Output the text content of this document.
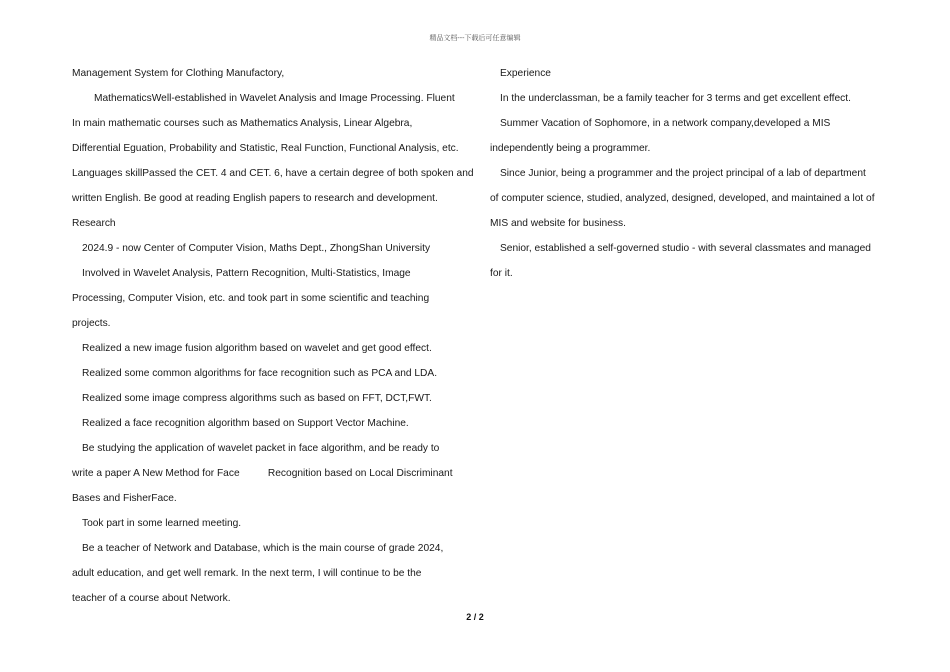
精品文档---下载后可任意编辑
Management System for Clothing Manufactory,
MathematicsWell-established in Wavelet Analysis and Image Processing. Fluent
In main mathematic courses such as Mathematics Analysis, Linear Algebra,
Differential Eguation, Probability and Statistic, Real Function, Functional Analysis, etc.
Languages skillPassed the CET. 4 and CET. 6, have a certain degree of both spoken and
written English. Be good at reading English papers to research and development.
Research
2024.9 - now Center of Computer Vision, Maths Dept., ZhongShan University
Involved in Wavelet Analysis, Pattern Recognition, Multi-Statistics, Image
Processing, Computer Vision, etc. and took part in some scientific and teaching
projects.
Realized a new image fusion algorithm based on wavelet and get good effect.
Realized some common algorithms for face recognition such as PCA and LDA.
Realized some image compress algorithms such as based on FFT, DCT,FWT.
Realized a face recognition algorithm based on Support Vector Machine.
Be studying the application of wavelet packet in face algorithm, and be ready to
write a paper A New Method for Face          Recognition based on Local Discriminant
Bases and FisherFace.
Took part in some learned meeting.
Be a teacher of Network and Database, which is the main course of grade 2024,
adult education, and get well remark. In the next term, I will continue to be the
teacher of a course about Network.
Experience
In the underclassman, be a family teacher for 3 terms and get excellent effect.
Summer Vacation of Sophomore, in a network company,developed a MIS
independently being a programmer.
Since Junior, being a programmer and the project principal of a lab of department
of computer science, studied, analyzed, designed, developed, and maintained a lot of
MIS and website for business.
Senior, established a self-governed studio - with several classmates and managed
for it.
2 / 2
